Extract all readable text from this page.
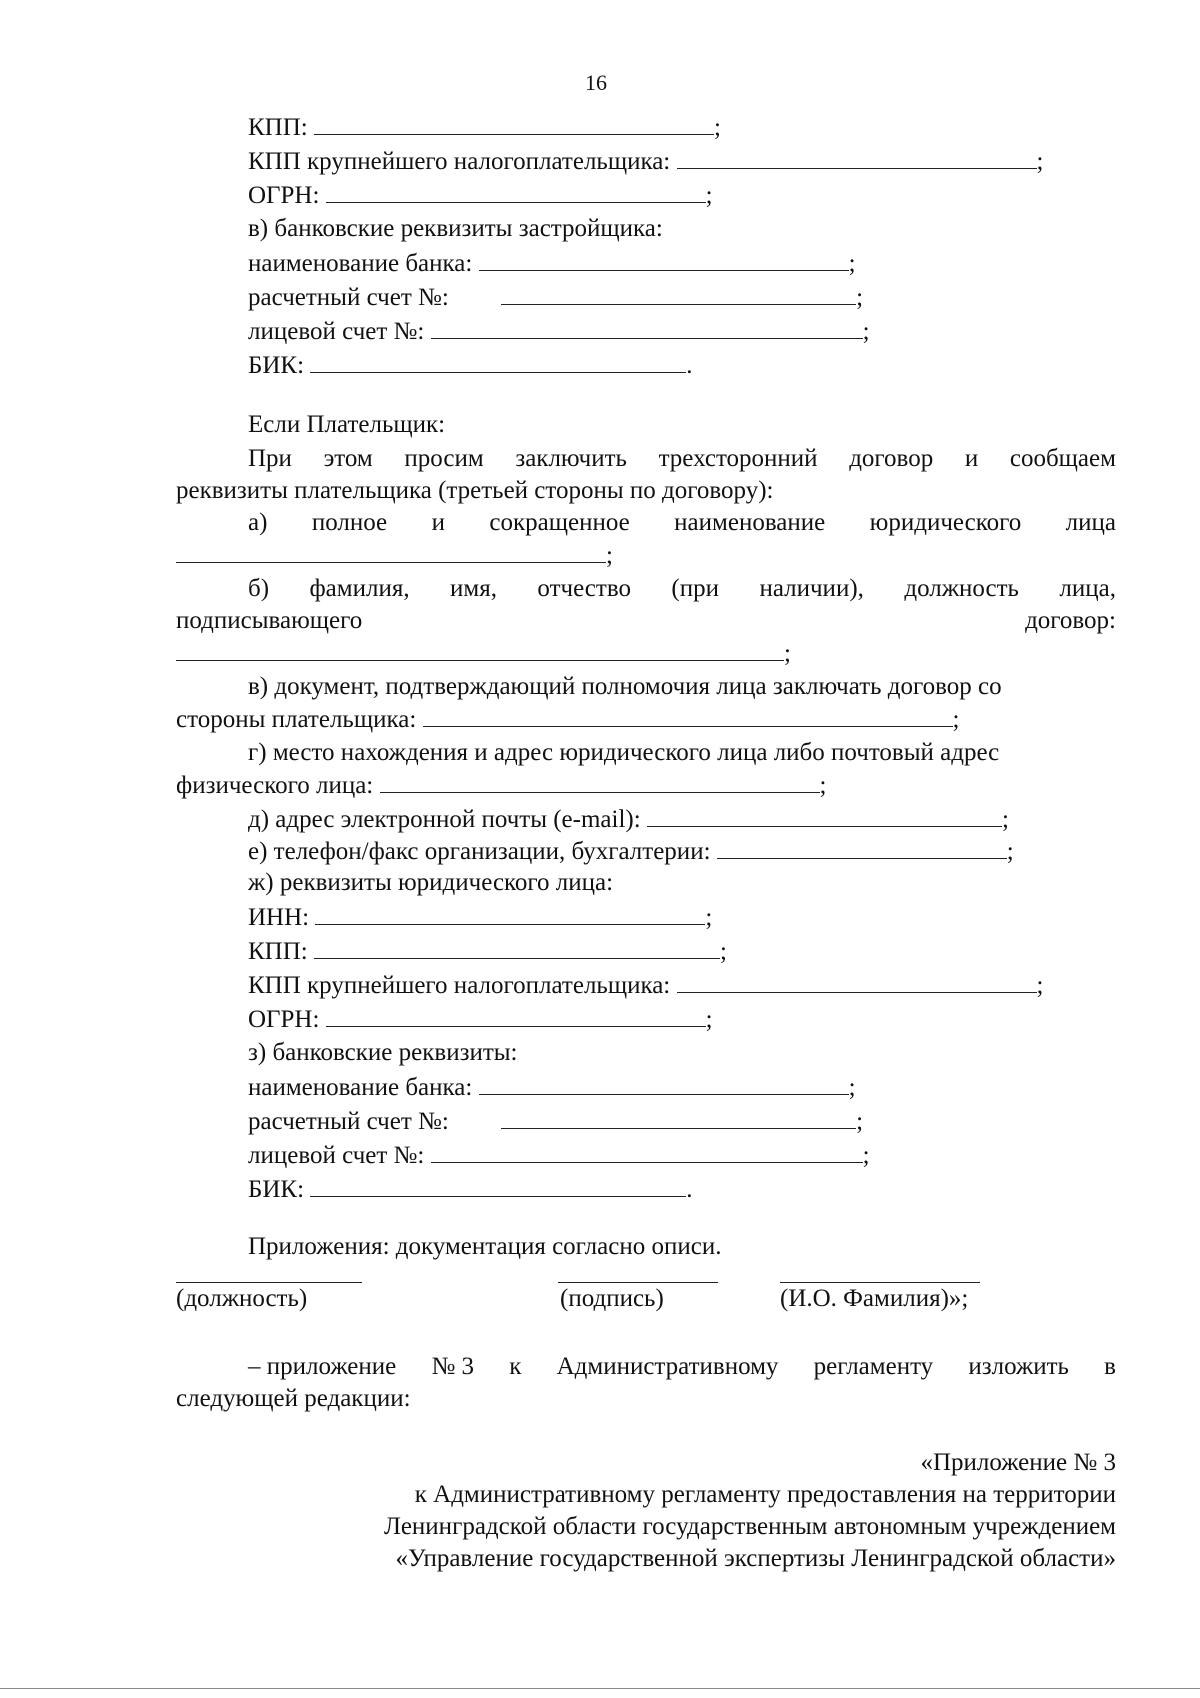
16
КПП:	;
КПП крупнейшего налогоплательщика:	;
ОГРН:	;
в) банковские реквизиты застройщика:
наименование банка:	;
расчетный счет №:	;
лицевой счет №:	;
БИК:	.
Если Плательщик:
При этом просим заключить трехсторонний договор и сообщаем
реквизиты плательщика (третьей стороны по договору):
а) полное и сокращенное наименование юридического лица
;
б) фамилия, имя, отчество (при наличии), должность лица,
подписывающего	договор:
;
в) документ, подтверждающий полномочия лица заключать договор со
стороны плательщика:	;
г) место нахождения и адрес юридического лица либо почтовый адрес
физического лица:	;
д) адрес электронной почты (e-mail):	;
е) телефон/факс организации, бухгалтерии:	;
ж) реквизиты юридического лица:
ИНН:	;
КПП:	;
КПП крупнейшего налогоплательщика:	;
ОГРН:	;
з) банковские реквизиты:
наименование банка:	;
расчетный счет №:	;
лицевой счет №:	;
БИК:	.
Приложения: документация согласно описи.
(должность)	(подпись)	(И.О. Фамилия)»;
– приложение № 3 к Административному регламенту изложить в
следующей редакции:
«Приложение № 3
к Административному регламенту предоставления на территории
Ленинградской области государственным автономным учреждением
«Управление государственной экспертизы Ленинградской области»
